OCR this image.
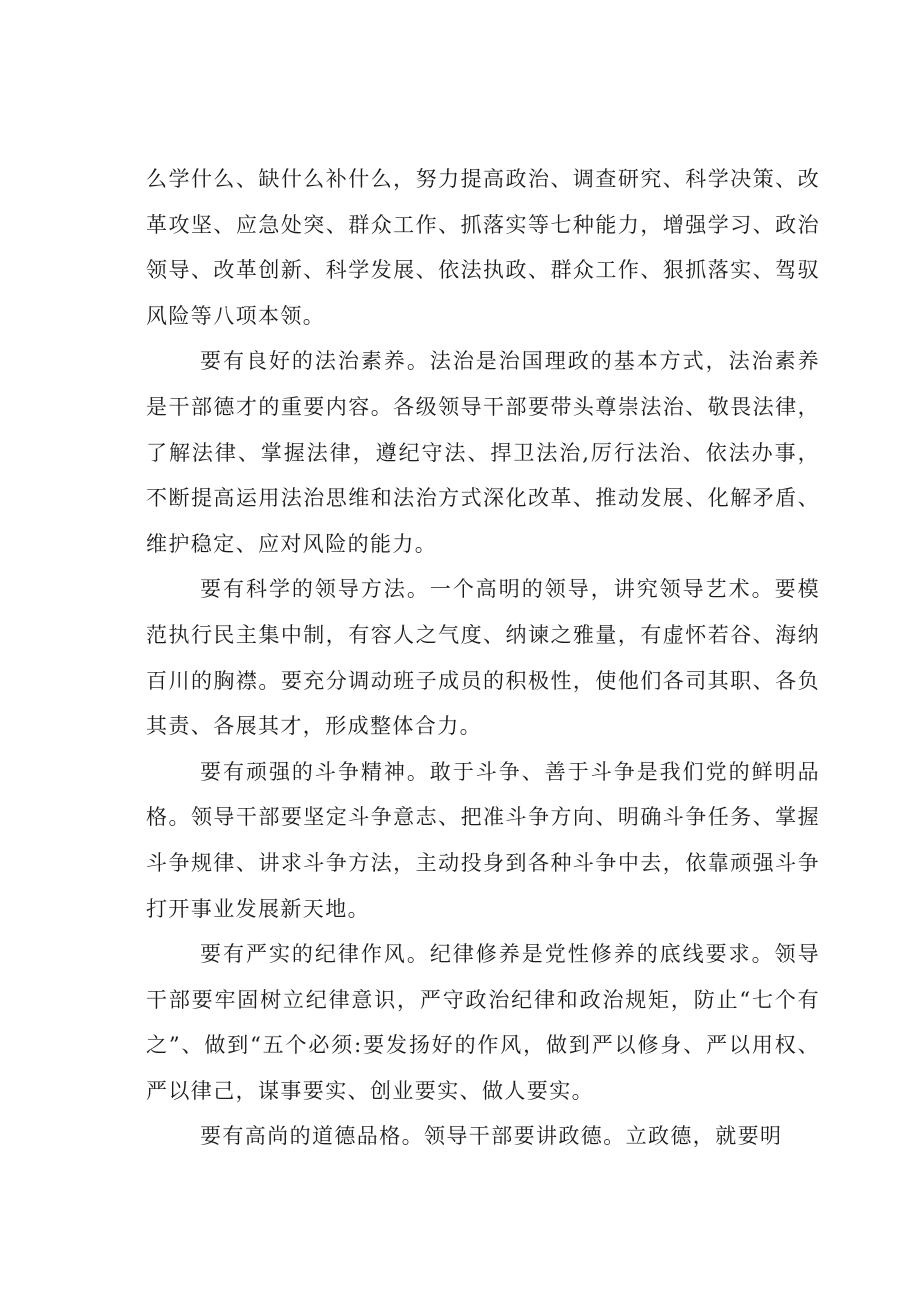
么学什么、缺什么补什么，努力提高政治、调查研究、科学决策、改革攻坚、应急处突、群众工作、抓落实等七种能力，增强学习、政治领导、改革创新、科学发展、依法执政、群众工作、狠抓落实、驾驭风险等八项本领。

要有良好的法治素养。法治是治国理政的基本方式，法治素养是干部德才的重要内容。各级领导干部要带头尊崇法治、敬畏法律，了解法律、掌握法律，遵纪守法、捍卫法治,厉行法治、依法办事，不断提高运用法治思维和法治方式深化改革、推动发展、化解矛盾、维护稳定、应对风险的能力。

要有科学的领导方法。一个高明的领导，讲究领导艺术。要模范执行民主集中制，有容人之气度、纳谏之雅量，有虚怀若谷、海纳百川的胸襟。要充分调动班子成员的积极性，使他们各司其职、各负其责、各展其才，形成整体合力。

要有顽强的斗争精神。敢于斗争、善于斗争是我们党的鲜明品格。领导干部要坚定斗争意志、把准斗争方向、明确斗争任务、掌握斗争规律、讲求斗争方法，主动投身到各种斗争中去，依靠顽强斗争打开事业发展新天地。

要有严实的纪律作风。纪律修养是党性修养的底线要求。领导干部要牢固树立纪律意识，严守政治纪律和政治规矩，防止“七个有之”、做到“五个必须:要发扬好的作风，做到严以修身、严以用权、严以律己，谋事要实、创业要实、做人要实。

要有高尚的道德品格。领导干部要讲政德。立政德，就要明
